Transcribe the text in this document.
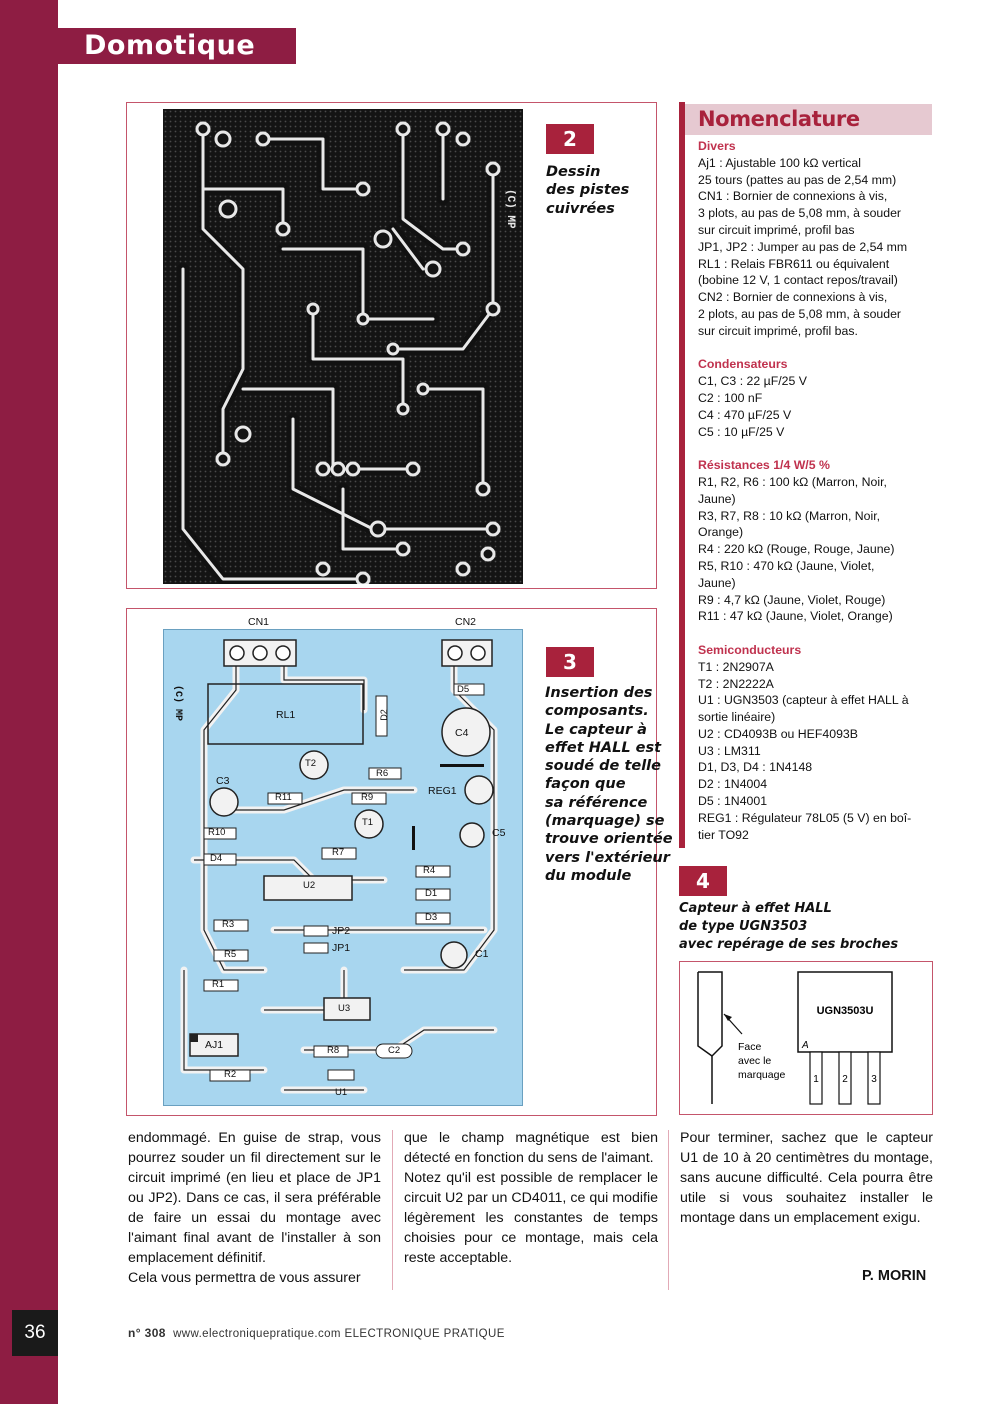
Domotique
(C) MP
2
Dessin
des pistes
cuivrées
CN1	CN2
(C) MP	RL1
D5
D2
C4
T2
R6
C3
R11	R9
REG1
T1
C5
R10
D4
R7
U2
R4
D1
D3
R3
JP2
JP1
R5	C1
R1
U3
AJ1	R8	C2
R2
U1
3
Insertion des
composants.
Le capteur à
effet HALL est
soudé de telle
façon que
sa référence
(marquage) se
trouve orientée
vers l'extérieur
du module
Nomenclature
Divers
Aj1 : Ajustable 100 kΩ vertical
25 tours (pattes au pas de 2,54 mm)
CN1 : Bornier de connexions à vis,
3 plots, au pas de 5,08 mm, à souder
sur circuit imprimé, profil bas
JP1, JP2 : Jumper au pas de 2,54 mm
RL1 : Relais FBR611 ou équivalent
(bobine 12 V, 1 contact repos/travail)
CN2 : Bornier de connexions à vis,
2 plots, au pas de 5,08 mm, à souder
sur circuit imprimé, profil bas.
Condensateurs
C1, C3 : 22 µF/25 V
C2 : 100 nF
C4 : 470 µF/25 V
C5 : 10 µF/25 V
Résistances 1/4 W/5 %
R1, R2, R6 : 100 kΩ (Marron, Noir,
Jaune)
R3, R7, R8 : 10 kΩ (Marron, Noir,
Orange)
R4 : 220 kΩ (Rouge, Rouge, Jaune)
R5, R10 : 470 kΩ (Jaune, Violet,
Jaune)
R9 : 4,7 kΩ (Jaune, Violet, Rouge)
R11 : 47 kΩ (Jaune, Violet, Orange)
Semiconducteurs
T1 : 2N2907A
T2 : 2N2222A
U1 : UGN3503 (capteur à effet HALL à
sortie linéaire)
U2 : CD4093B ou HEF4093B
U3 : LM311
D1, D3, D4 : 1N4148
D2 : 1N4004
D5 : 1N4001
REG1 : Régulateur 78L05 (5 V) en boî-
tier TO92
4
Capteur à effet HALL
de type UGN3503
avec repérage de ses broches
UGN3503U
A
1 2 3
Face
avec le
marquage

endommagé. En guise de strap, vous pourrez souder un fil directement sur le circuit imprimé (en lieu et place de JP1 ou JP2). Dans ce cas, il sera préférable de faire un essai du montage avec l'aimant final avant de l'installer à son emplacement définitif.

Cela vous permettra de vous assurer

que le champ magnétique est bien détecté en fonction du sens de l'aimant.

Notez qu'il est possible de remplacer le circuit U2 par un CD4011, ce qui modifie légèrement les constantes de temps choisies pour ce montage, mais cela reste acceptable.

Pour terminer, sachez que le capteur U1 de 10 à 20 centimètres du montage, sans aucune difficulté. Cela pourra être utile si vous souhaitez installer le montage dans un emplacement exigu.

P. MORIN
36	n° 308 www.electroniquepratique.com ELECTRONIQUE PRATIQUE
